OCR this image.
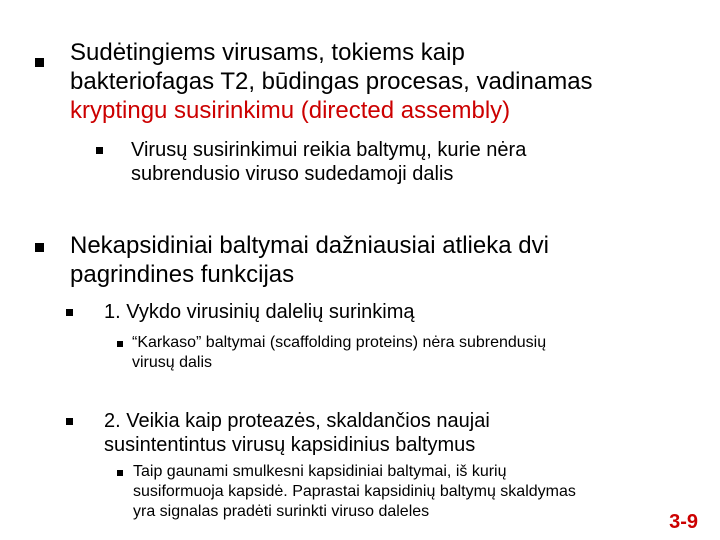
Sudėtingiems virusams, tokiems kaip
bakteriofagas T2, būdingas procesas, vadinamas
kryptingu susirinkimu (directed assembly)
Virusų susirinkimui reikia baltymų, kurie nėra
subrendusio viruso sudedamoji dalis
Nekapsidiniai baltymai dažniausiai atlieka dvi
pagrindines funkcijas
1. Vykdo virusinių dalelių surinkimą
“Karkaso” baltymai (scaffolding proteins) nėra subrendusių
virusų dalis
2. Veikia kaip proteazės, skaldančios naujai
susintentintus virusų kapsidinius baltymus
Taip gaunami smulkesni kapsidiniai baltymai, iš kurių
susiformuoja kapsidė. Paprastai kapsidinių baltymų skaldymas
yra signalas pradėti surinkti viruso daleles	3-9
